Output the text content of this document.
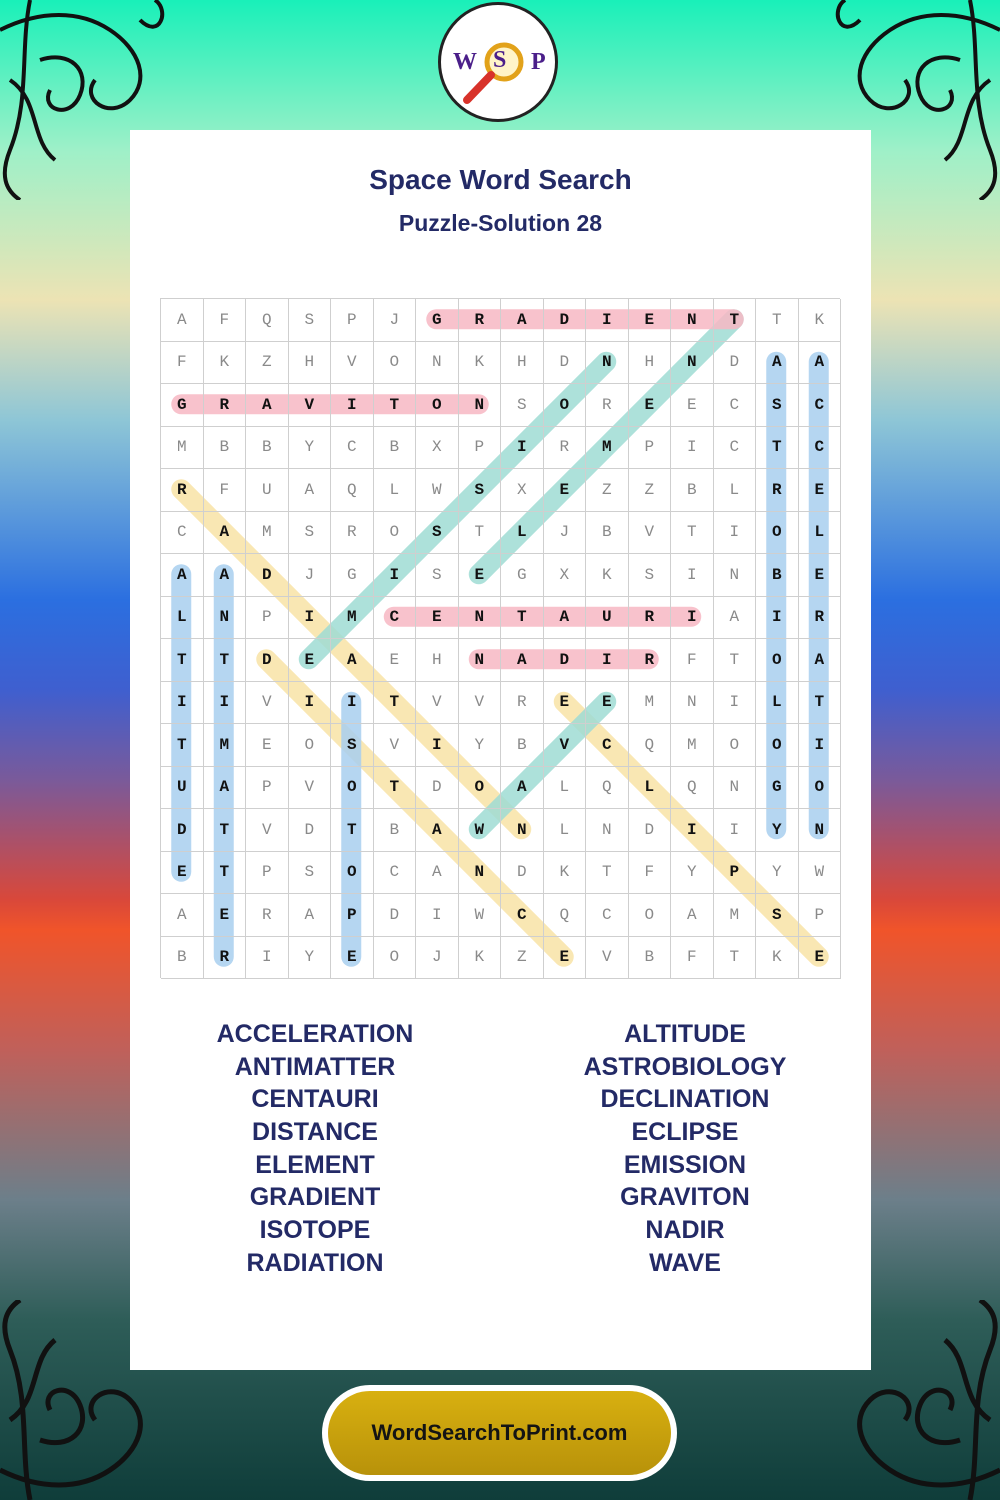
W S P
Space Word Search
Puzzle-Solution 28
A	F	Q	S	P	J	G	R	A	D	I	E	N	T	T	K
F	K	Z	H	V	O	N	K	H	D	N	H	N	D	A	A
G	R	A	V	I	T	O	N	S	O	R	E	E	C	S	C
M	B	B	Y	C	B	X	P	I	R	M	P	I	C	T	C
R	F	U	A	Q	L	W	S	X	E	Z	Z	B	L	R	E
C	A	M	S	R	O	S	T	L	J	B	V	T	I	O	L
A	A	D	J	G	I	S	E	G	X	K	S	I	N	B	E
L	N	P	I	M	C	E	N	T	A	U	R	I	A	I	R
T	T	D	E	A	E	H	N	A	D	I	R	F	T	O	A
I	I	V	I	I	T	V	V	R	E	E	M	N	I	L	T
T	M	E	O	S	V	I	Y	B	V	C	Q	M	O	O	I
U	A	P	V	O	T	D	O	A	L	Q	L	Q	N	G	O
D	T	V	D	T	B	A	W	N	L	N	D	I	I	Y	N
E	T	P	S	O	C	A	N	D	K	T	F	Y	P	Y	W
A	E	R	A	P	D	I	W	C	Q	C	O	A	M	S	P
B	R	I	Y	E	O	J	K	Z	E	V	B	F	T	K	E
ACCELERATION
ANTIMATTER
CENTAURI
DISTANCE
ELEMENT
GRADIENT
ISOTOPE
RADIATION
ALTITUDE
ASTROBIOLOGY
DECLINATION
ECLIPSE
EMISSION
GRAVITON
NADIR
WAVE
WordSearchToPrint.com
